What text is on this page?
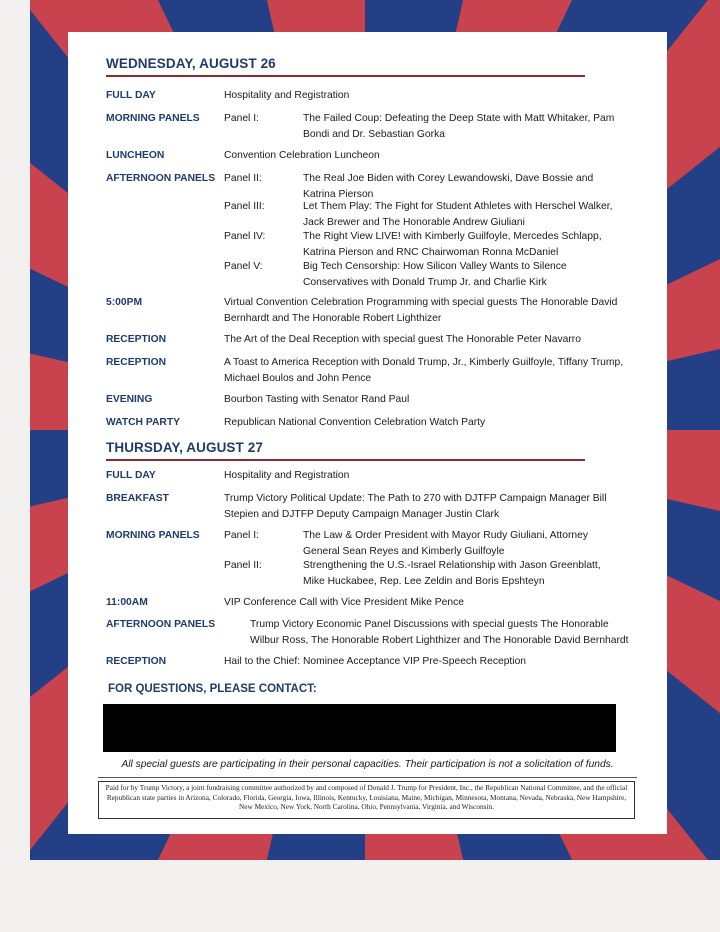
WEDNESDAY, AUGUST 26
FULL DAY	Hospitality and Registration
MORNING PANELS Panel I:	The Failed Coup: Defeating the Deep State with Matt Whitaker, Pam Bondi and Dr. Sebastian Gorka
LUNCHEON	Convention Celebration Luncheon
AFTERNOON PANELS Panel II:	The Real Joe Biden with Corey Lewandowski, Dave Bossie and Katrina Pierson
Panel III:	Let Them Play: The Fight for Student Athletes with Herschel Walker, Jack Brewer and The Honorable Andrew Giuliani
Panel IV:	The Right View LIVE! with Kimberly Guilfoyle, Mercedes Schlapp, Katrina Pierson and RNC Chairwoman Ronna McDaniel
Panel V:	Big Tech Censorship: How Silicon Valley Wants to Silence Conservatives with Donald Trump Jr. and Charlie Kirk
5:00PM	Virtual Convention Celebration Programming with special guests The Honorable David Bernhardt and The Honorable Robert Lighthizer
RECEPTION	The Art of the Deal Reception with special guest The Honorable Peter Navarro
RECEPTION	A Toast to America Reception with Donald Trump, Jr., Kimberly Guilfoyle, Tiffany Trump, Michael Boulos and John Pence
EVENING	Bourbon Tasting with Senator Rand Paul
WATCH PARTY	Republican National Convention Celebration Watch Party
THURSDAY, AUGUST 27
FULL DAY	Hospitality and Registration
BREAKFAST	Trump Victory Political Update: The Path to 270 with DJTFP Campaign Manager Bill Stepien and DJTFP Deputy Campaign Manager Justin Clark
MORNING PANELS Panel I:	The Law & Order President with Mayor Rudy Giuliani, Attorney General Sean Reyes and Kimberly Guilfoyle
Panel II:	Strengthening the U.S.-Israel Relationship with Jason Greenblatt, Mike Huckabee, Rep. Lee Zeldin and Boris Epshteyn
11:00AM	VIP Conference Call with Vice President Mike Pence
AFTERNOON PANELS	Trump Victory Economic Panel Discussions with special guests The Honorable Wilbur Ross, The Honorable Robert Lighthizer and The Honorable David Bernhardt
RECEPTION	Hail to the Chief: Nominee Acceptance VIP Pre-Speech Reception
FOR QUESTIONS, PLEASE CONTACT:
All special guests are participating in their personal capacities. Their participation is not a solicitation of funds.
Paid for by Trump Victory, a joint fundraising committee authorized by and composed of Donald J. Trump for President, Inc., the Republican National Committee, and the official Republican state parties in Arizona, Colorado, Florida, Georgia, Iowa, Illinois, Kentucky, Louisiana, Maine, Michigan, Minnesota, Montana, Nevada, Nebraska, New Hampshire, New Mexico, New York, North Carolina, Ohio, Pennsylvania, Virginia, and Wisconsin.
